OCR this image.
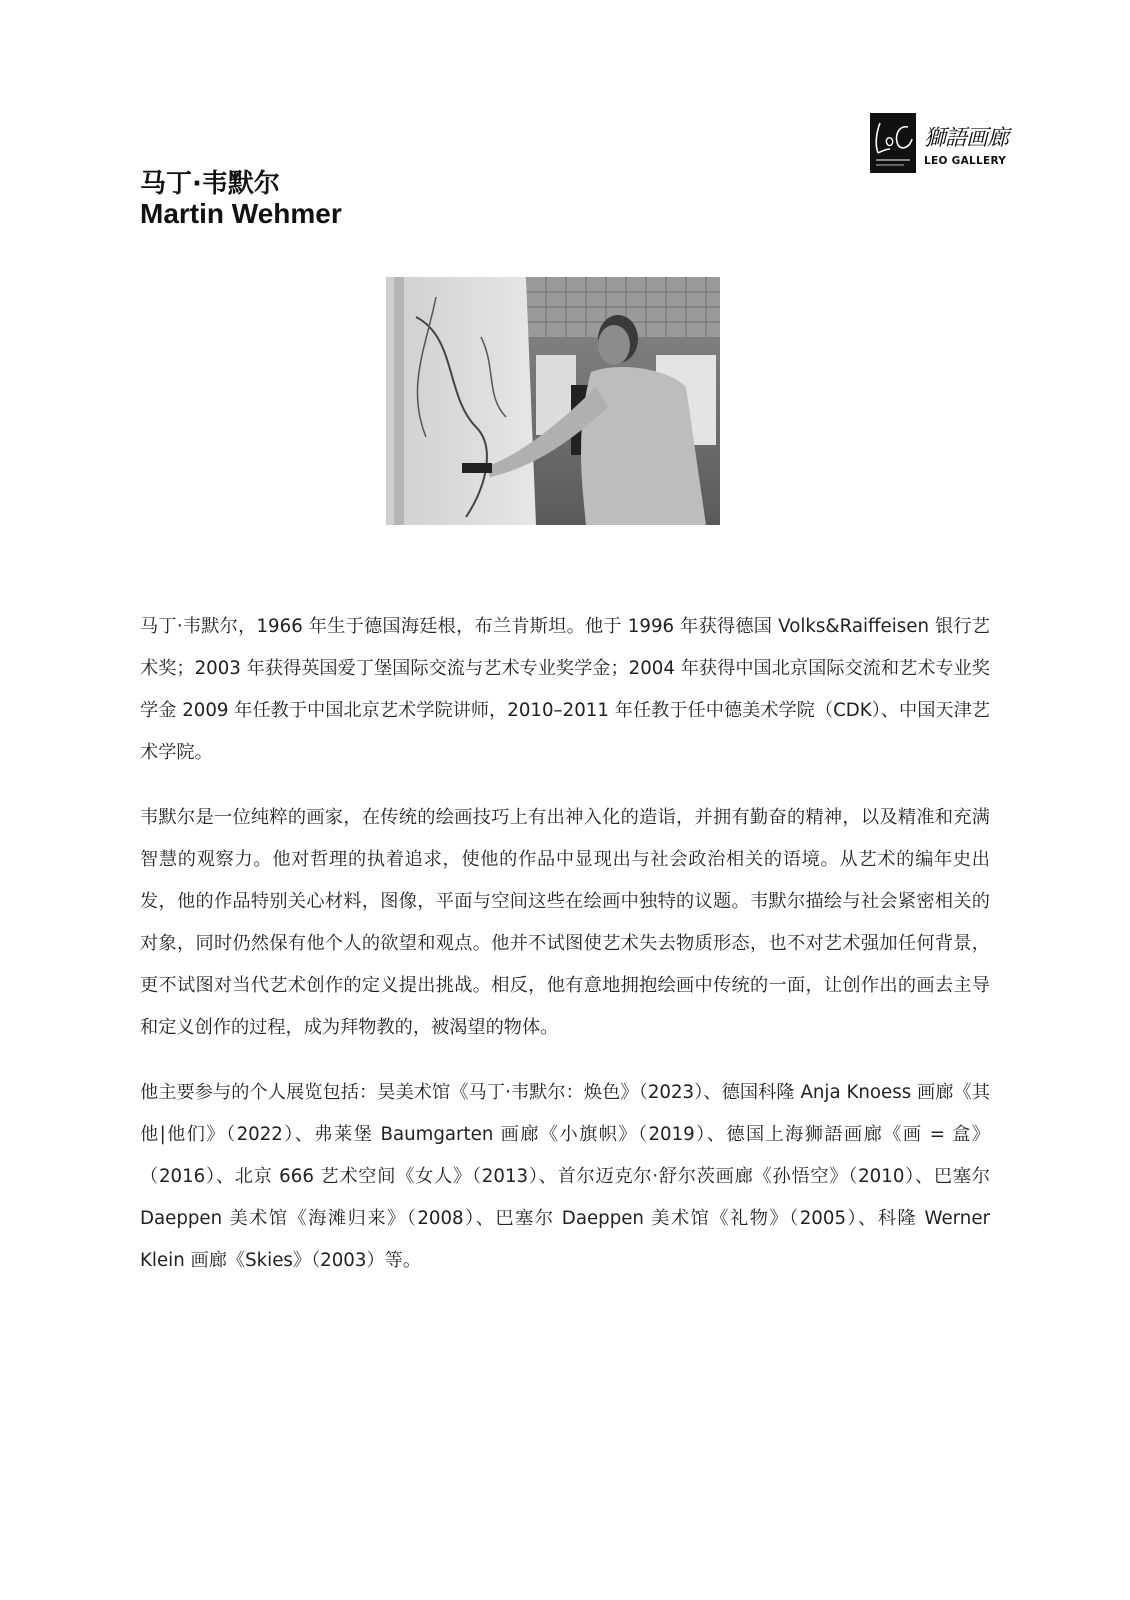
獅語画廊
LEO GALLERY
马丁·韦默尔
Martin Wehmer

马丁·韦默尔，1966 年生于德国海廷根，布兰肯斯坦。他于 1996 年获得德国 Volks&Raiffeisen 银行艺术奖；2003 年获得英国爱丁堡国际交流与艺术专业奖学金；2004 年获得中国北京国际交流和艺术专业奖学金 2009 年任教于中国北京艺术学院讲师，2010–2011 年任教于任中德美术学院（CDK）、中国天津艺术学院。

韦默尔是一位纯粹的画家，在传统的绘画技巧上有出神入化的造诣，并拥有勤奋的精神，以及精准和充满智慧的观察力。他对哲理的执着追求，使他的作品中显现出与社会政治相关的语境。从艺术的编年史出发，他的作品特别关心材料，图像，平面与空间这些在绘画中独特的议题。韦默尔描绘与社会紧密相关的对象，同时仍然保有他个人的欲望和观点。他并不试图使艺术失去物质形态，也不对艺术强加任何背景，更不试图对当代艺术创作的定义提出挑战。相反，他有意地拥抱绘画中传统的一面，让创作出的画去主导和定义创作的过程，成为拜物教的，被渴望的物体。

他主要参与的个人展览包括：昊美术馆《马丁·韦默尔：焕色》（2023）、德国科隆 Anja Knoess 画廊《其他|他们》（2022）、弗莱堡 Baumgarten 画廊《小旗帜》（2019）、德国上海狮語画廊《画 = 盒》（2016）、北京 666 艺术空间《女人》（2013）、首尔迈克尔·舒尔茨画廊《孙悟空》（2010）、巴塞尔 Daeppen 美术馆《海滩归来》（2008）、巴塞尔 Daeppen 美术馆《礼物》（2005）、科隆 Werner Klein 画廊《Skies》（2003）等。
